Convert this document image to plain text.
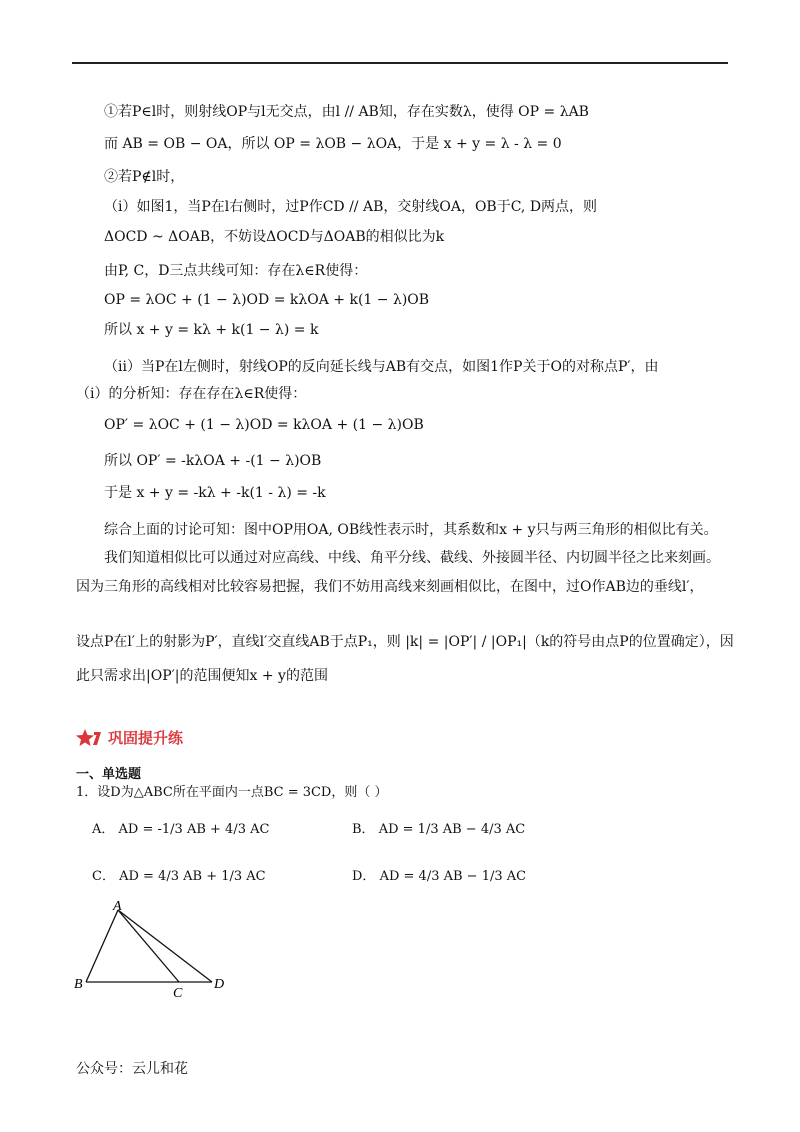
①若P∈l时，则射线OP与l无交点，由l // AB知，存在实数λ，使得 OP = λAB
而 AB = OB − OA，所以 OP = λOB − λOA，于是 x + y = λ - λ = 0
②若P∉l时，
（i）如图1，当P在l右侧时，过P作CD // AB，交射线OA，OB于C, D两点，则
ΔOCD ~ ΔOAB，不妨设ΔOCD与ΔOAB的相似比为k
由P, C，D三点共线可知：存在λ∈R使得：
OP = λOC + (1 − λ)OD = kλOA + k(1 − λ)OB
所以 x + y = kλ + k(1 − λ) = k
（ii）当P在l左侧时，射线OP的反向延长线与AB有交点，如图1作P关于O的对称点P′，由
（i）的分析知：存在存在λ∈R使得：
OP′ = λOC + (1 − λ)OD = kλOA + (1 − λ)OB
所以 OP′ = -kλOA + -(1 − λ)OB
于是 x + y = -kλ + -k(1 - λ) = -k
综合上面的讨论可知：图中OP用OA, OB线性表示时，其系数和x + y只与两三角形的相似比有关。
我们知道相似比可以通过对应高线、中线、角平分线、截线、外接圆半径、内切圆半径之比来刻画。
因为三角形的高线相对比较容易把握，我们不妨用高线来刻画相似比，在图中，过O作AB边的垂线l′，
设点P在l′上的射影为P′，直线l′交直线AB于点P₁，则 |k| = |OP′| / |OP₁|（k的符号由点P的位置确定），因
此只需求出|OP′|的范围便知x + y的范围
巩固提升练
一、单选题
1．设D为△ABC所在平面内一点BC = 3CD，则（ ）
A． AD = -1/3 AB + 4/3 AC	B． AD = 1/3 AB − 4/3 AC
C． AD = 4/3 AB + 1/3 AC	D． AD = 4/3 AB − 1/3 AC
A
B
C
D
公众号：云儿和花
